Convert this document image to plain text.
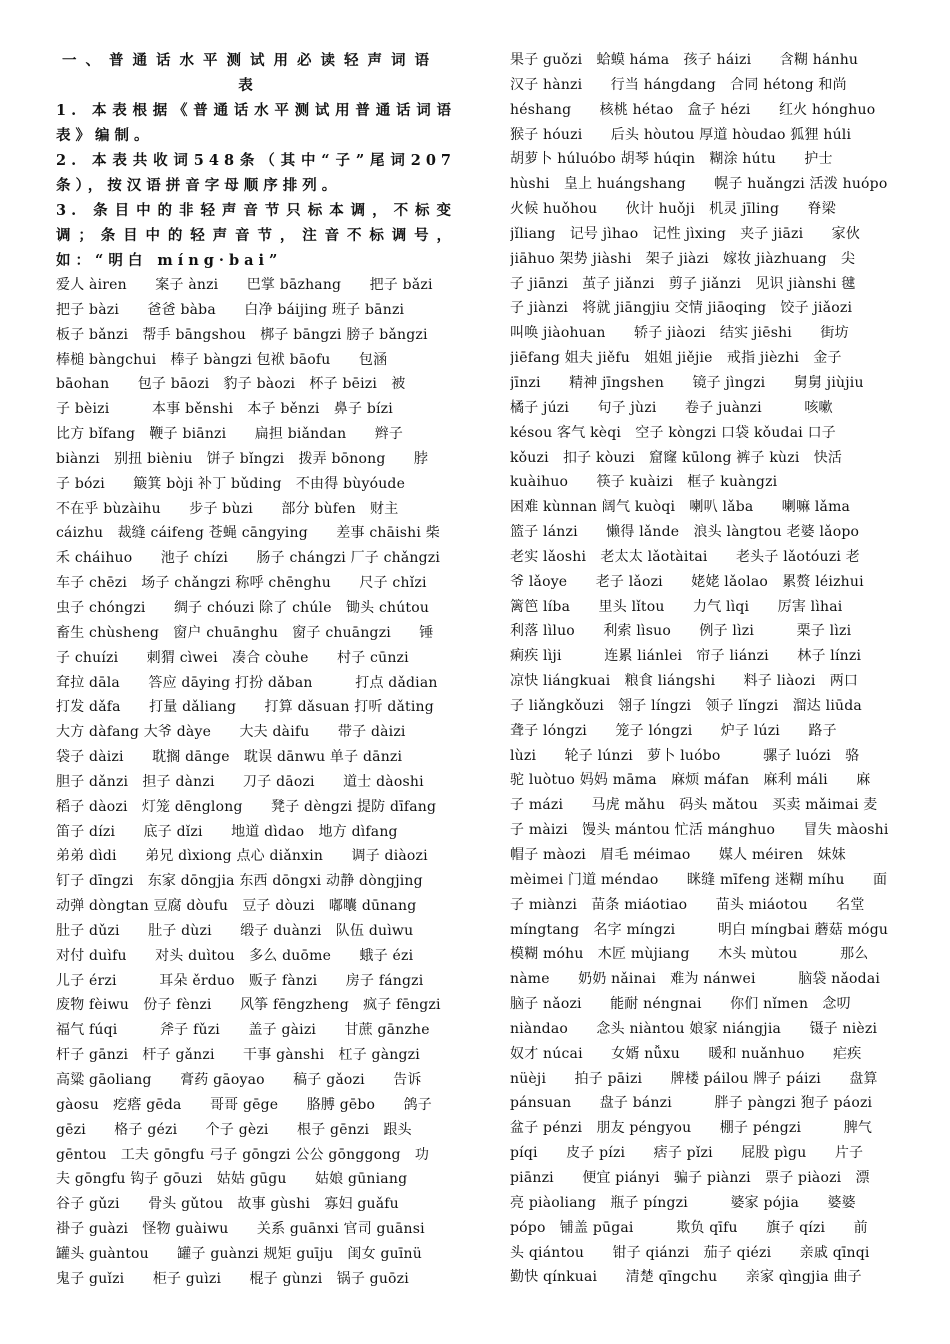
一、普通话水平测试用必读轻声词语表
1. 本表根据《普通话水平测试用普通话词语表》编制。
2. 本表共收词548条（其中“子”尾词207条），按汉语拼音字母顺序排列。
3. 条目中的非轻声音节只标本调，不标变调；条目中的轻声音节，注音不标调号，如：“明白 míng·bai”
爱人 àiren　　案子 ànzi　　巴掌 bāzhang　　把子 bǎzi
把子 bàzi　　爸爸 bàba　　白净 báijing 班子 bānzi
板子 bǎnzi　帮手 bāngshou　梆子 bāngzi 膀子 bǎngzi
棒槌 bàngchui　棒子 bàngzi 包袱 bāofu　　包涵
bāohan　　包子 bāozi　豹子 bàozi　杯子 bēizi　被
子 bèizi　　　本事 běnshi　本子 běnzi　鼻子 bízi
比方 bǐfang　鞭子 biānzi　　扁担 biǎndan　　辫子
biànzi　别扭 bièniu　饼子 bǐngzi　拨弄 bōnong　　脖
子 bózi　　簸箕 bòji 补丁 bǔding　不由得 bùyóude
不在乎 bùzàihu　　步子 bùzi　　部分 bùfen　财主
cáizhu　裁缝 cáifeng 苍蝇 cāngying　　差事 chāishi 柴
禾 cháihuo　　池子 chízi　　肠子 chángzi 厂子 chǎngzi
车子 chēzi　场子 chǎngzi 称呼 chēnghu　　尺子 chǐzi
虫子 chóngzi　　绸子 chóuzi 除了 chúle　锄头 chútou
畜生 chùsheng　窗户 chuānghu　窗子 chuāngzi　　锤
子 chuízi　　刺猬 cìwei　凑合 còuhe　　村子 cūnzi
耷拉 dāla　　答应 dāying 打扮 dǎban　　　打点 dǎdian
打发 dǎfa　　打量 dǎliang　　打算 dǎsuan 打听 dǎting
大方 dàfang 大爷 dàye　　大夫 dàifu　　带子 dàizi
袋子 dàizi　　耽搁 dānge　耽误 dānwu 单子 dānzi
胆子 dǎnzi　担子 dànzi　　刀子 dāozi　　道士 dàoshi
稻子 dàozi　灯笼 dēnglong　　凳子 dèngzi 提防 dīfang
笛子 dízi　　底子 dǐzi　　地道 dìdao　地方 dìfang
弟弟 dìdi　　弟兄 dìxiong 点心 diǎnxin　　调子 diàozi
钉子 dīngzi　东家 dōngjia 东西 dōngxi 动静 dòngjing
动弹 dòngtan 豆腐 dòufu　豆子 dòuzi　嘟囔 dūnang
肚子 dǔzi　　肚子 dùzi　　缎子 duànzi　队伍 duìwu
对付 duìfu　　对头 duìtou　多么 duōme　　蛾子 ézi
儿子 érzi　　　耳朵 ěrduo　贩子 fànzi　　房子 fángzi
废物 fèiwu　份子 fènzi　　风筝 fēngzheng　疯子 fēngzi
福气 fúqi　　　斧子 fǔzi　　盖子 gàizi　　甘蔗 gānzhe
杆子 gānzi　杆子 gǎnzi　　干事 gànshi　杠子 gàngzi
高粱 gāoliang　　膏药 gāoyao　　稿子 gǎozi　　告诉
gàosu　疙瘩 gēda　　哥哥 gēge　　胳膊 gēbo　　鸽子
gēzi　　格子 gézi　　个子 gèzi　　根子 gēnzi　跟头
gēntou　工夫 gōngfu 弓子 gōngzi 公公 gōnggong　功
夫 gōngfu 钩子 gōuzi　姑姑 gūgu　　姑娘 gūniang
谷子 gǔzi　　骨头 gǔtou　故事 gùshi　寡妇 guǎfu
褂子 guàzi　怪物 guàiwu　　关系 guānxi 官司 guānsi
罐头 guàntou　　罐子 guànzi 规矩 guīju　闺女 guīnü
鬼子 guǐzi　　柜子 guìzi　　棍子 gùnzi　锅子 guōzi
果子 guǒzi　蛤蟆 háma　孩子 háizi　　含糊 hánhu
汉子 hànzi　　行当 hángdang　合同 hétong 和尚
héshang　　核桃 hétao　盒子 hézi　　红火 hónghuo
猴子 hóuzi　　后头 hòutou 厚道 hòudao 狐狸 húli
胡萝卜 húluóbo 胡琴 húqin　糊涂 hútu　　护士
hùshi　皇上 huángshang　　幌子 huǎngzi 活泼 huópo
火候 huǒhou　　伙计 huǒji　机灵 jīling　　脊梁
jǐliang　记号 jìhao　记性 jìxing　夹子 jiāzi　　家伙
jiāhuo 架势 jiàshi　架子 jiàzi　嫁妆 jiàzhuang　尖
子 jiānzi　茧子 jiǎnzi　剪子 jiǎnzi　见识 jiànshi 毽
子 jiànzi　将就 jiāngjiu 交情 jiāoqing　饺子 jiǎozi
叫唤 jiàohuan　　轿子 jiàozi　结实 jiēshi　　街坊
jiēfang 姐夫 jiěfu　姐姐 jiějie　戒指 jièzhi　金子
jīnzi　　精神 jīngshen　　镜子 jìngzi　　舅舅 jiùjiu
橘子 júzi　　句子 jùzi　　卷子 juànzi　　　咳嗽
késou 客气 kèqi　空子 kòngzi 口袋 kǒudai 口子
kǒuzi　扣子 kòuzi　窟窿 kūlong 裤子 kùzi　快活
kuàihuo　　筷子 kuàizi　框子 kuàngzi
困难 kùnnan 阔气 kuòqi　喇叭 lǎba　　喇嘛 lǎma
篮子 lánzi　　懒得 lǎnde　浪头 làngtou 老婆 lǎopo
老实 lǎoshi　老太太 lǎotàitai　　老头子 lǎotóuzi 老
爷 lǎoye　　老子 lǎozi　　姥姥 lǎolao　累赘 léizhui
篱笆 líba　　里头 lǐtou　　力气 lìqi　　厉害 lìhai
利落 lìluo　　利索 lìsuo　　例子 lìzi　　　栗子 lìzi
痢疾 lìji　　　连累 liánlei　帘子 liánzi　　林子 línzi
凉快 liángkuai　粮食 liángshi　　料子 liàozi　两口
子 liǎngkǒuzi　翎子 língzi　领子 lǐngzi　溜达 liūda
聋子 lóngzi　　笼子 lóngzi　　炉子 lúzi　　路子
lùzi　　轮子 lúnzi　萝卜 luóbo　　　骡子 luózi　骆
驼 luòtuo 妈妈 māma　麻烦 máfan　麻利 máli　　麻
子 mázi　　马虎 mǎhu　码头 mǎtou　买卖 mǎimai 麦
子 màizi　馒头 mántou 忙活 mánghuo　　冒失 màoshi
帽子 màozi　眉毛 méimao　　媒人 méiren　妹妹
mèimei 门道 méndao　　眯缝 mīfeng 迷糊 míhu　　面
子 miànzi　苗条 miáotiao　　苗头 miáotou　　名堂
míngtang　名字 míngzi　　　明白 míngbai 蘑菇 mógu
模糊 móhu　木匠 mùjiang　　木头 mùtou　　　那么
nàme　　奶奶 nǎinai　难为 nánwei　　　脑袋 nǎodai
脑子 nǎozi　　能耐 néngnai　　你们 nǐmen　念叨
niàndao　　念头 niàntou 娘家 niángjia　　镊子 nièzi
奴才 núcai　　女婿 nǚxu　　暖和 nuǎnhuo　　疟疾
nüèji　　拍子 pāizi　　牌楼 páilou 牌子 páizi　　盘算
pánsuan　　盘子 bánzi　　　胖子 pàngzi 狍子 páozi
盆子 pénzi　朋友 péngyou　　棚子 péngzi　　　脾气
píqi　　皮子 pízi　　痞子 pǐzi　　屁股 pìgu　　片子
piānzi　　便宜 piányi　骗子 piànzi　票子 piàozi　漂
亮 piàoliang　瓶子 píngzi　　　婆家 pójia　　婆婆
pópo　铺盖 pūgai　　　欺负 qīfu　　旗子 qízi　　前
头 qiántou　　钳子 qiánzi　茄子 qiézi　　亲戚 qīnqi
勤快 qínkuai　　清楚 qīngchu　　亲家 qìngjia 曲子
